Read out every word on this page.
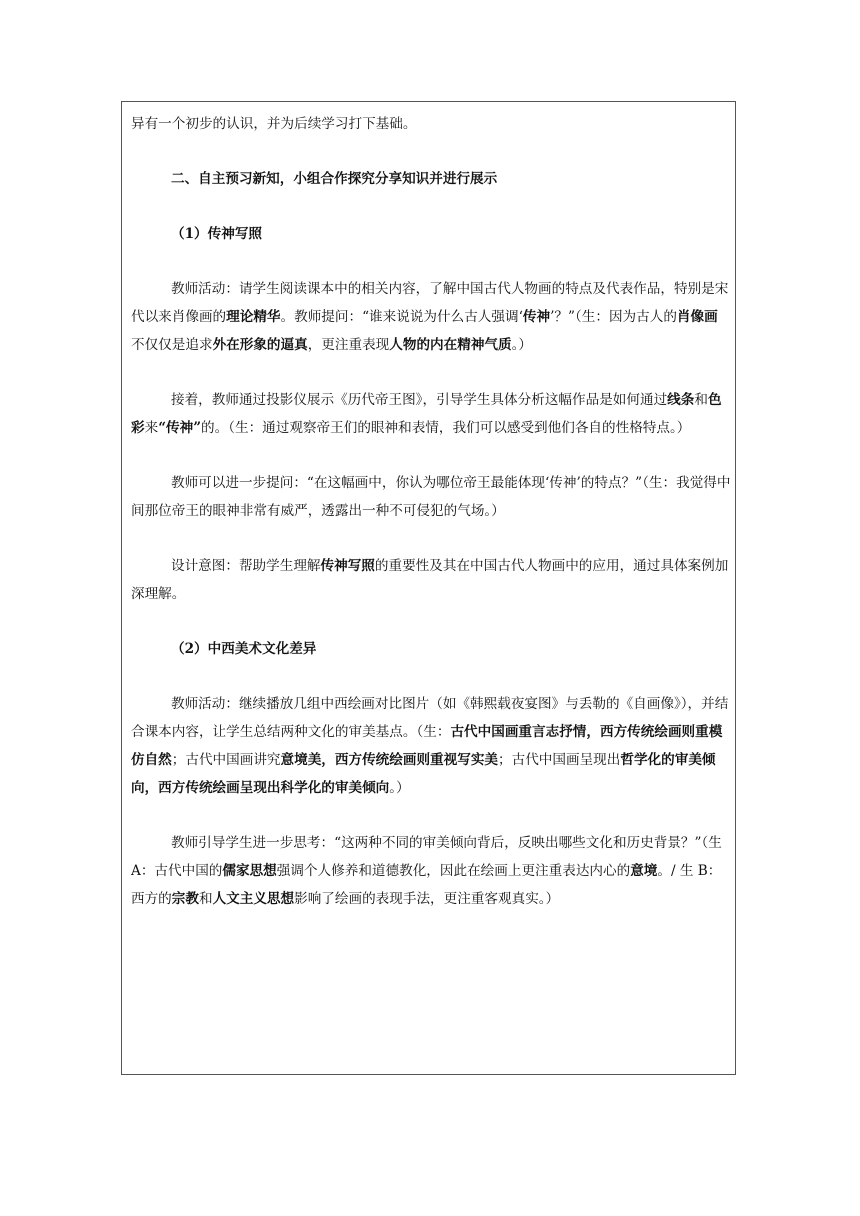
异有一个初步的认识，并为后续学习打下基础。

二、自主预习新知，小组合作探究分享知识并进行展示

（1）传神写照

教师活动：请学生阅读课本中的相关内容，了解中国古代人物画的特点及代表作品，特别是宋代以来肖像画的理论精华。教师提问：“谁来说说为什么古人强调‘传神’？”（生：因为古人的肖像画不仅仅是追求外在形象的逼真，更注重表现人物的内在精神气质。）

接着，教师通过投影仪展示《历代帝王图》，引导学生具体分析这幅作品是如何通过线条和色彩来“传神”的。（生：通过观察帝王们的眼神和表情，我们可以感受到他们各自的性格特点。）

教师可以进一步提问：“在这幅画中，你认为哪位帝王最能体现‘传神’的特点？”（生：我觉得中间那位帝王的眼神非常有威严，透露出一种不可侵犯的气场。）

设计意图：帮助学生理解传神写照的重要性及其在中国古代人物画中的应用，通过具体案例加深理解。

（2）中西美术文化差异

教师活动：继续播放几组中西绘画对比图片（如《韩熙载夜宴图》与丢勒的《自画像》），并结合课本内容，让学生总结两种文化的审美基点。（生：古代中国画重言志抒情，西方传统绘画则重模仿自然；古代中国画讲究意境美，西方传统绘画则重视写实美；古代中国画呈现出哲学化的审美倾向，西方传统绘画呈现出科学化的审美倾向。）

教师引导学生进一步思考：“这两种不同的审美倾向背后，反映出哪些文化和历史背景？”（生 A：古代中国的儒家思想强调个人修养和道德教化，因此在绘画上更注重表达内心的意境。/ 生 B：西方的宗教和人文主义思想影响了绘画的表现手法，更注重客观真实。）
